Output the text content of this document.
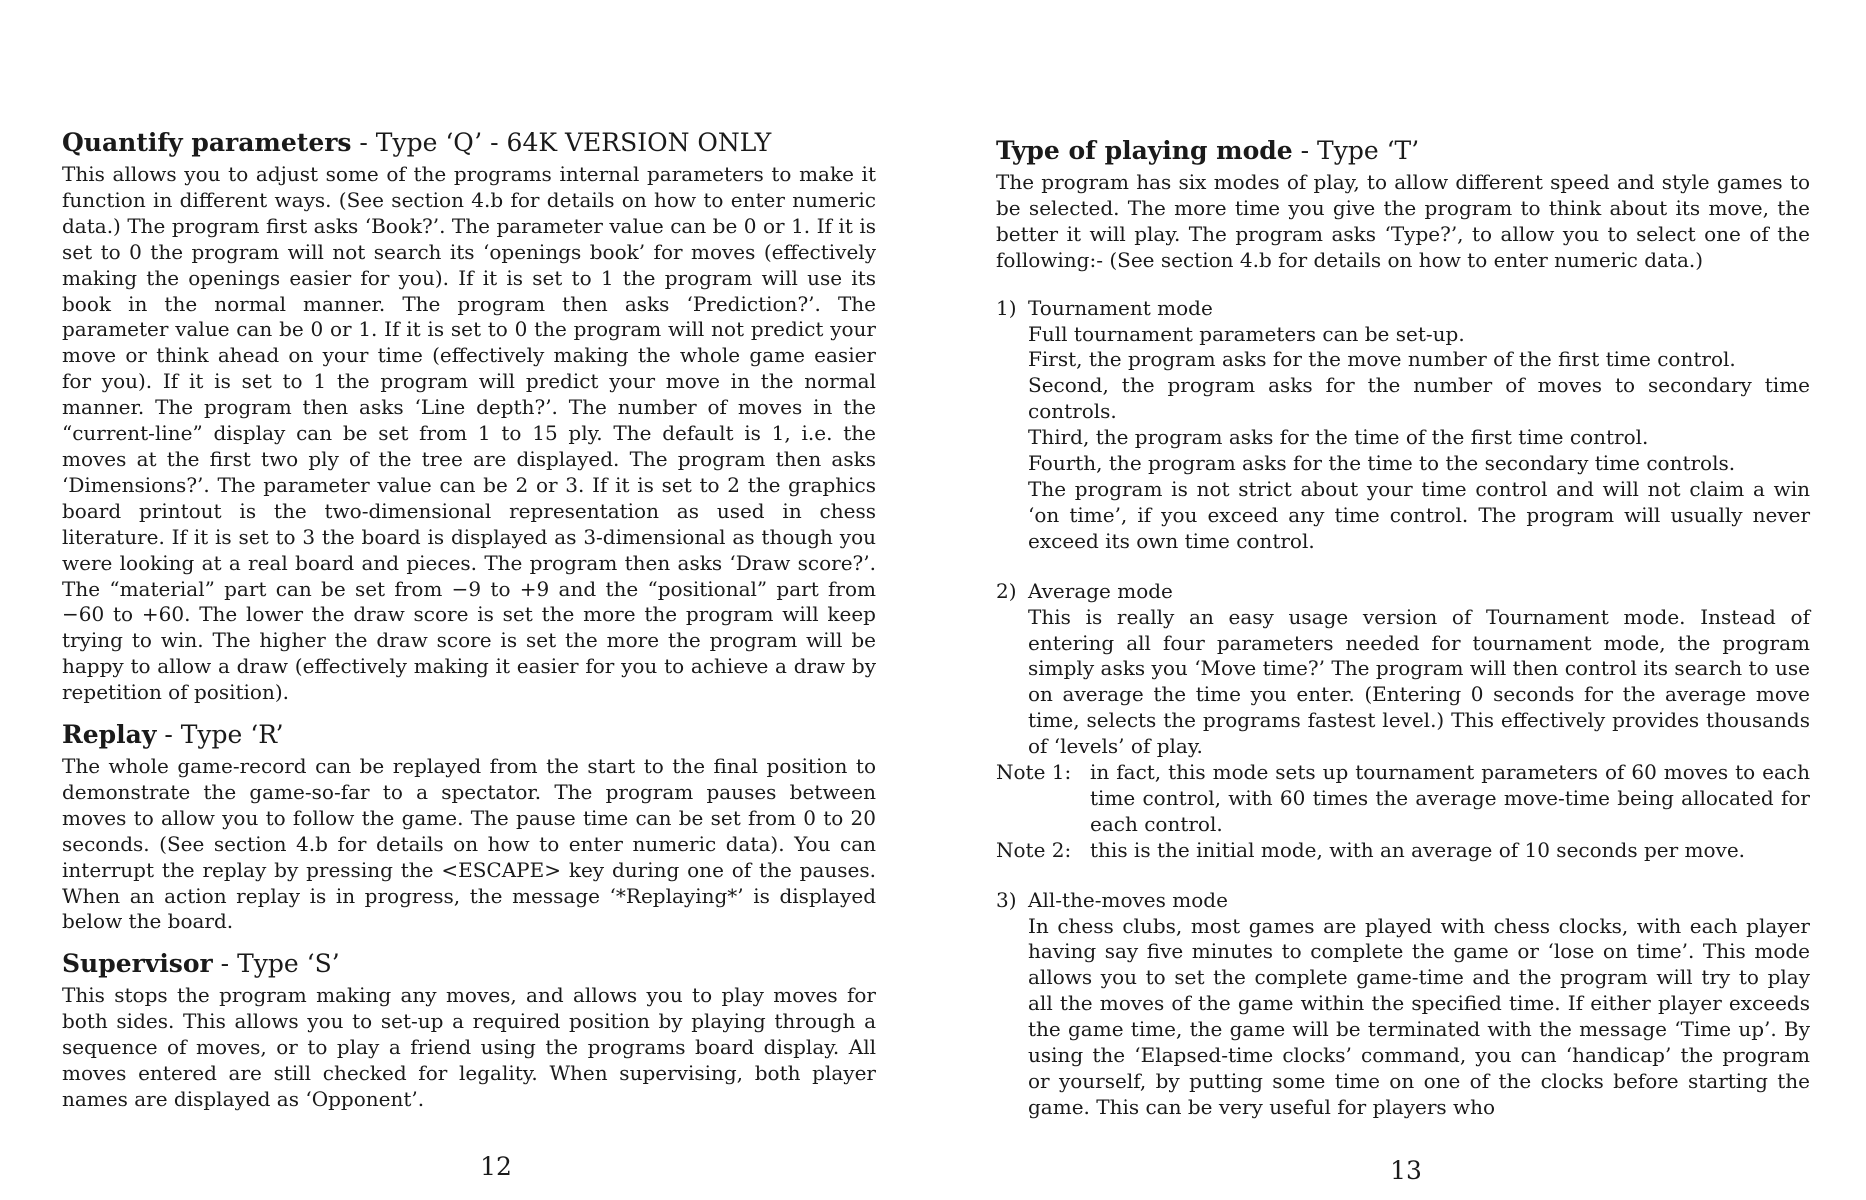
Quantify parameters - Type ‘Q’ - 64K VERSION ONLY

This allows you to adjust some of the programs internal parameters to make it function in different ways. (See section 4.b for details on how to enter numeric data.) The program first asks ‘Book?’. The parameter value can be 0 or 1. If it is set to 0 the program will not search its ‘openings book’ for moves (effectively making the openings easier for you). If it is set to 1 the program will use its book in the normal manner. The program then asks ‘Prediction?’. The parameter value can be 0 or 1. If it is set to 0 the program will not predict your move or think ahead on your time (effectively making the whole game easier for you). If it is set to 1 the program will predict your move in the normal manner. The program then asks ‘Line depth?’. The number of moves in the “current-line” display can be set from 1 to 15 ply. The default is 1, i.e. the moves at the first two ply of the tree are displayed. The program then asks ‘Dimensions?’. The parameter value can be 2 or 3. If it is set to 2 the graphics board printout is the two-dimensional representation as used in chess literature. If it is set to 3 the board is displayed as 3-dimensional as though you were looking at a real board and pieces. The program then asks ‘Draw score?’. The “material” part can be set from −9 to +9 and the “positional” part from −60 to +60. The lower the draw score is set the more the program will keep trying to win. The higher the draw score is set the more the program will be happy to allow a draw (effectively making it easier for you to achieve a draw by repetition of position).

Replay - Type ‘R’

The whole game-record can be replayed from the start to the final position to demonstrate the game-so-far to a spectator. The program pauses between moves to allow you to follow the game. The pause time can be set from 0 to 20 seconds. (See section 4.b for details on how to enter numeric data). You can interrupt the replay by pressing the <ESCAPE> key during one of the pauses. When an action replay is in progress, the message ‘*Replaying*’ is displayed below the board.

Supervisor - Type ‘S’

This stops the program making any moves, and allows you to play moves for both sides. This allows you to set-up a required position by playing through a sequence of moves, or to play a friend using the programs board display. All moves entered are still checked for legality. When supervising, both player names are displayed as ‘Opponent’.

12
Type of playing mode - Type ‘T’

The program has six modes of play, to allow different speed and style games to be selected. The more time you give the program to think about its move, the better it will play. The program asks ‘Type?’, to allow you to select one of the following:- (See section 4.b for details on how to enter numeric data.)

1) Tournament mode

Full tournament parameters can be set-up.

First, the program asks for the move number of the first time control.

Second, the program asks for the number of moves to secondary time controls.

Third, the program asks for the time of the first time control.

Fourth, the program asks for the time to the secondary time controls.

The program is not strict about your time control and will not claim a win ‘on time’, if you exceed any time control. The program will usually never exceed its own time control.

2) Average mode

This is really an easy usage version of Tournament mode. Instead of entering all four parameters needed for tournament mode, the program simply asks you ‘Move time?’ The program will then control its search to use on average the time you enter. (Entering 0 seconds for the average move time, selects the programs fastest level.) This effectively provides thousands of ‘levels’ of play.

Note 1: in fact, this mode sets up tournament parameters of 60 moves to each time control, with 60 times the average move-time being allocated for each control.
Note 2: this is the initial mode, with an average of 10 seconds per move.
3) All-the-moves mode

In chess clubs, most games are played with chess clocks, with each player having say five minutes to complete the game or ‘lose on time’. This mode allows you to set the complete game-time and the program will try to play all the moves of the game within the specified time. If either player exceeds the game time, the game will be terminated with the message ‘Time up’. By using the ‘Elapsed-time clocks’ command, you can ‘handicap’ the program or yourself, by putting some time on one of the clocks before starting the game. This can be very useful for players who

13
